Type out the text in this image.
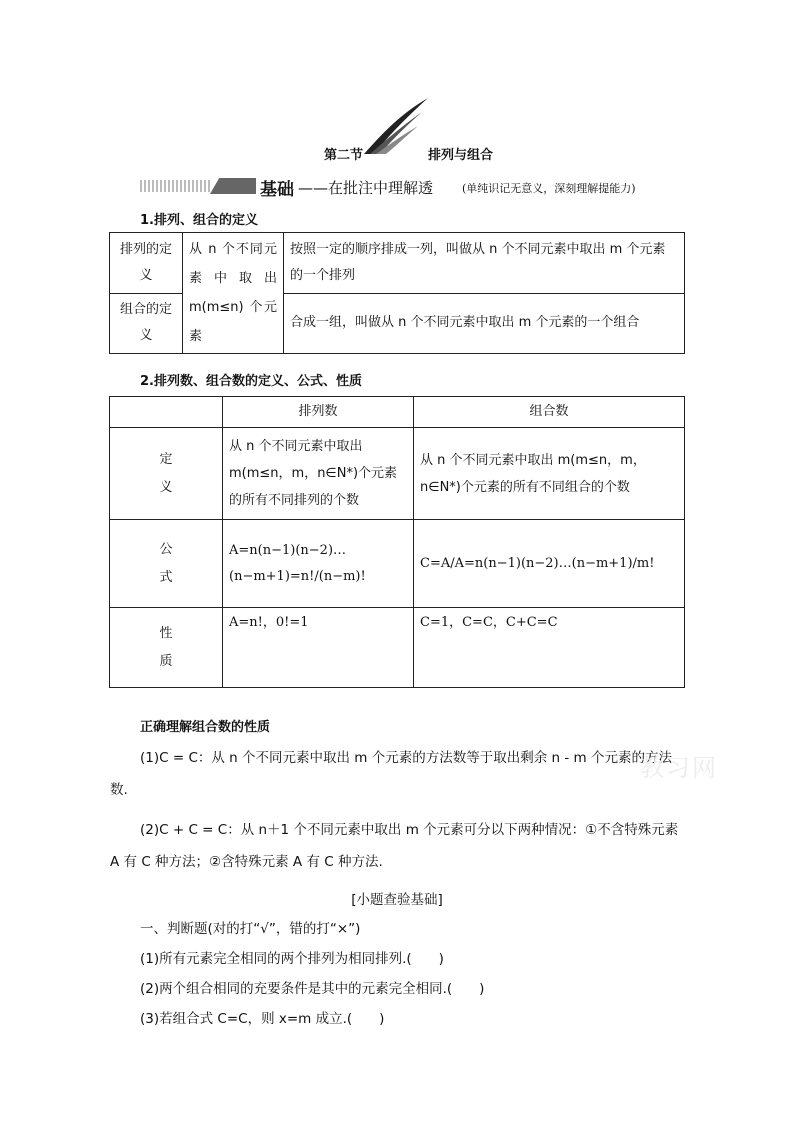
第二节	排列与组合
基础 ——在批注中理解透	(单纯识记无意义，深刻理解提能力)
1.排列、组合的定义
排列的定义	从 n 个不同元素中取出 m(m≤n) 个元素	按照一定的顺序排成一列，叫做从 n 个不同元素中取出 m 个元素的一个排列
组合的定义		合成一组，叫做从 n 个不同元素中取出 m 个元素的一个组合
2.排列数、组合数的定义、公式、性质
	排列数	组合数
定义	从 n 个不同元素中取出 m(m≤n，m，n∈N*)个元素的所有不同排列的个数	从 n 个不同元素中取出 m(m≤n，m，n∈N*)个元素的所有不同组合的个数
公式	A=n(n−1)(n−2)…(n−m+1)=n!/(n−m)!	C=A/A=n(n−1)(n−2)…(n−m+1)/m!
性质	A=n!，0!=1	C=1，C=C，C+C=C
正确理解组合数的性质
(1)C = C：从 n 个不同元素中取出 m 个元素的方法数等于取出剩余 n - m 个元素的方法数.
(2)C + C = C：从 n＋1 个不同元素中取出 m 个元素可分以下两种情况：①不含特殊元素 A 有 C 种方法；②含特殊元素 A 有 C 种方法.
教习网
[小题查验基础]
一、判断题(对的打“√”，错的打“×”)
(1)所有元素完全相同的两个排列为相同排列.(　　)
(2)两个组合相同的充要条件是其中的元素完全相同.(　　)
(3)若组合式 C=C，则 x=m 成立.(　　)
